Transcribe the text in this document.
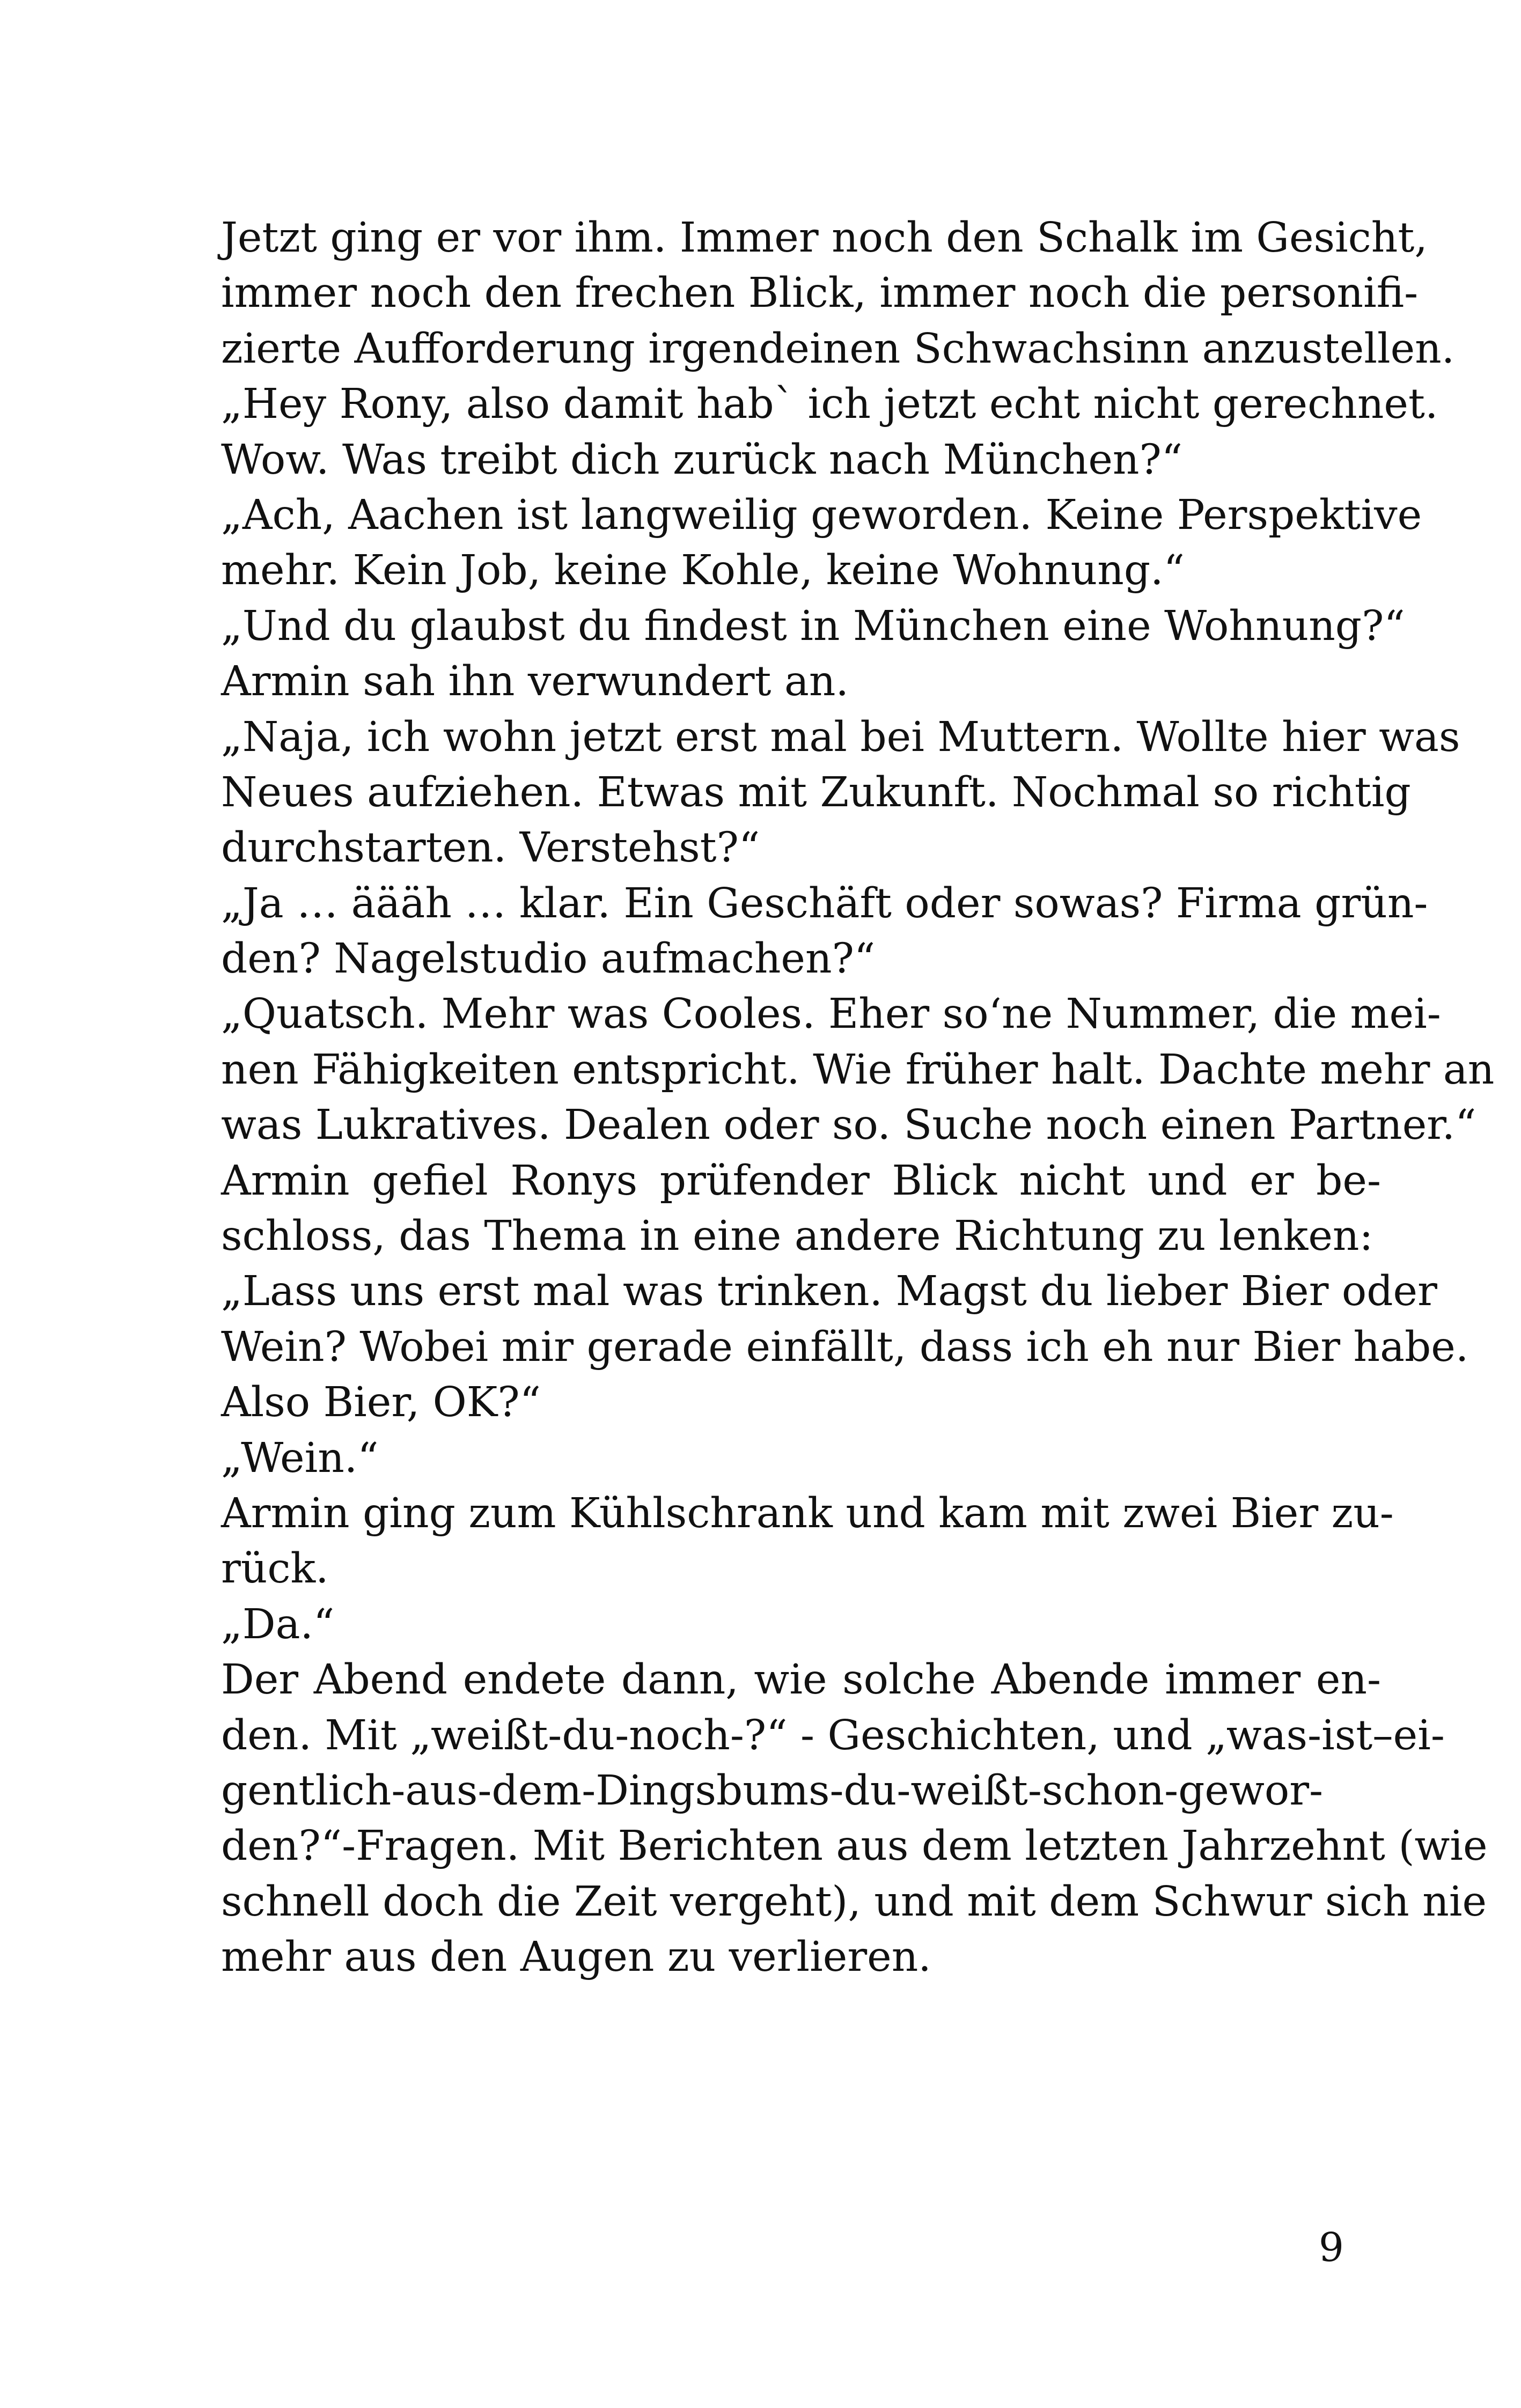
Jetzt ging er vor ihm. Immer noch den Schalk im Gesicht,
immer noch den frechen Blick, immer noch die personifi-
zierte Aufforderung irgendeinen Schwachsinn anzustellen.
„Hey Rony, also damit hab` ich jetzt echt nicht gerechnet.
Wow. Was treibt dich zurück nach München?“
„Ach, Aachen ist langweilig geworden. Keine Perspektive
mehr. Kein Job, keine Kohle, keine Wohnung.“
„Und du glaubst du findest in München eine Wohnung?“
Armin sah ihn verwundert an.
„Naja, ich wohn jetzt erst mal bei Muttern. Wollte hier was
Neues aufziehen. Etwas mit Zukunft. Nochmal so richtig
durchstarten. Verstehst?“
„Ja … äääh … klar. Ein Geschäft oder sowas? Firma grün-
den? Nagelstudio aufmachen?“
„Quatsch. Mehr was Cooles. Eher so‘ne Nummer, die mei-
nen Fähigkeiten entspricht. Wie früher halt. Dachte mehr an
was Lukratives. Dealen oder so. Suche noch einen Partner.“
Armin gefiel Ronys prüfender Blick nicht und er be-
schloss, das Thema in eine andere Richtung zu lenken:
„Lass uns erst mal was trinken. Magst du lieber Bier oder
Wein? Wobei mir gerade einfällt, dass ich eh nur Bier habe.
Also Bier, OK?“
„Wein.“
Armin ging zum Kühlschrank und kam mit zwei Bier zu-
rück.
„Da.“
Der Abend endete dann, wie solche Abende immer en-
den. Mit „weißt-du-noch-?“ - Geschichten, und „was-ist–ei-
gentlich-aus-dem-Dingsbums-du-weißt-schon-gewor-
den?“-Fragen. Mit Berichten aus dem letzten Jahrzehnt (wie
schnell doch die Zeit vergeht), und mit dem Schwur sich nie
mehr aus den Augen zu verlieren.
9
